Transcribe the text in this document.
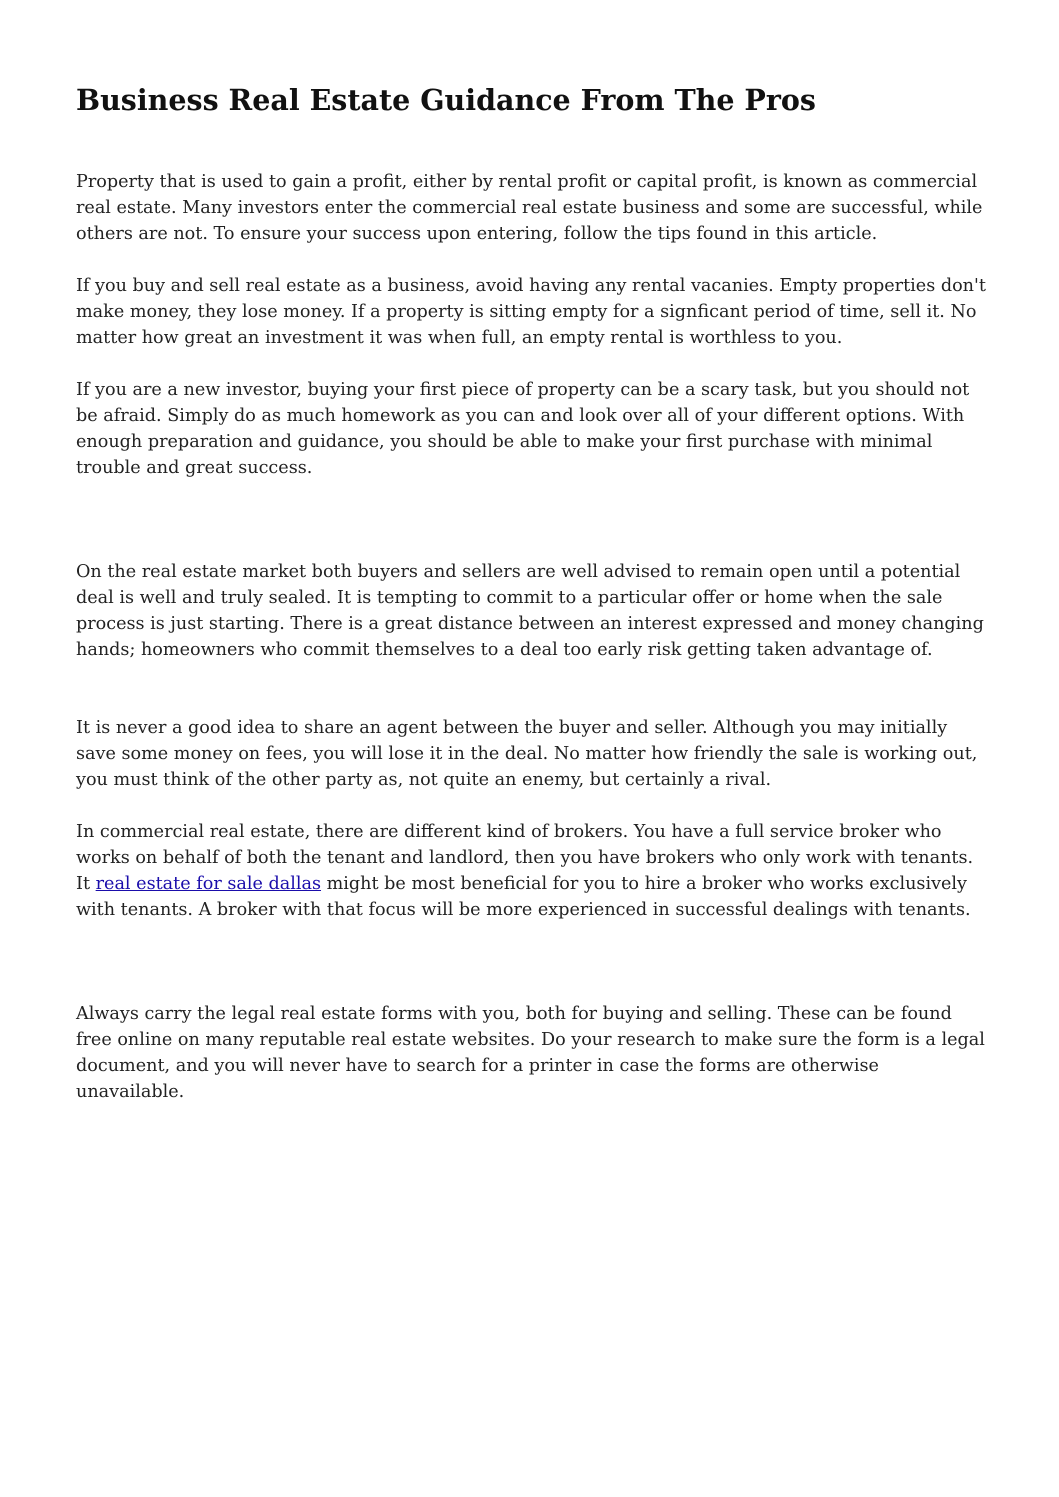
Business Real Estate Guidance From The Pros

Property that is used to gain a profit, either by rental profit or capital profit, is known as commercial real estate. Many investors enter the commercial real estate business and some are successful, while others are not. To ensure your success upon entering, follow the tips found in this article.

If you buy and sell real estate as a business, avoid having any rental vacanies. Empty properties don't make money, they lose money. If a property is sitting empty for a signficant period of time, sell it. No matter how great an investment it was when full, an empty rental is worthless to you.

If you are a new investor, buying your first piece of property can be a scary task, but you should not be afraid. Simply do as much homework as you can and look over all of your different options. With enough preparation and guidance, you should be able to make your first purchase with minimal trouble and great success.

On the real estate market both buyers and sellers are well advised to remain open until a potential deal is well and truly sealed. It is tempting to commit to a particular offer or home when the sale process is just starting. There is a great distance between an interest expressed and money changing hands; homeowners who commit themselves to a deal too early risk getting taken advantage of.

It is never a good idea to share an agent between the buyer and seller. Although you may initially save some money on fees, you will lose it in the deal. No matter how friendly the sale is working out, you must think of the other party as, not quite an enemy, but certainly a rival.

In commercial real estate, there are different kind of brokers. You have a full service broker who works on behalf of both the tenant and landlord, then you have brokers who only work with tenants. It real estate for sale dallas might be most beneficial for you to hire a broker who works exclusively with tenants. A broker with that focus will be more experienced in successful dealings with tenants.

Always carry the legal real estate forms with you, both for buying and selling. These can be found free online on many reputable real estate websites. Do your research to make sure the form is a legal document, and you will never have to search for a printer in case the forms are otherwise unavailable.
